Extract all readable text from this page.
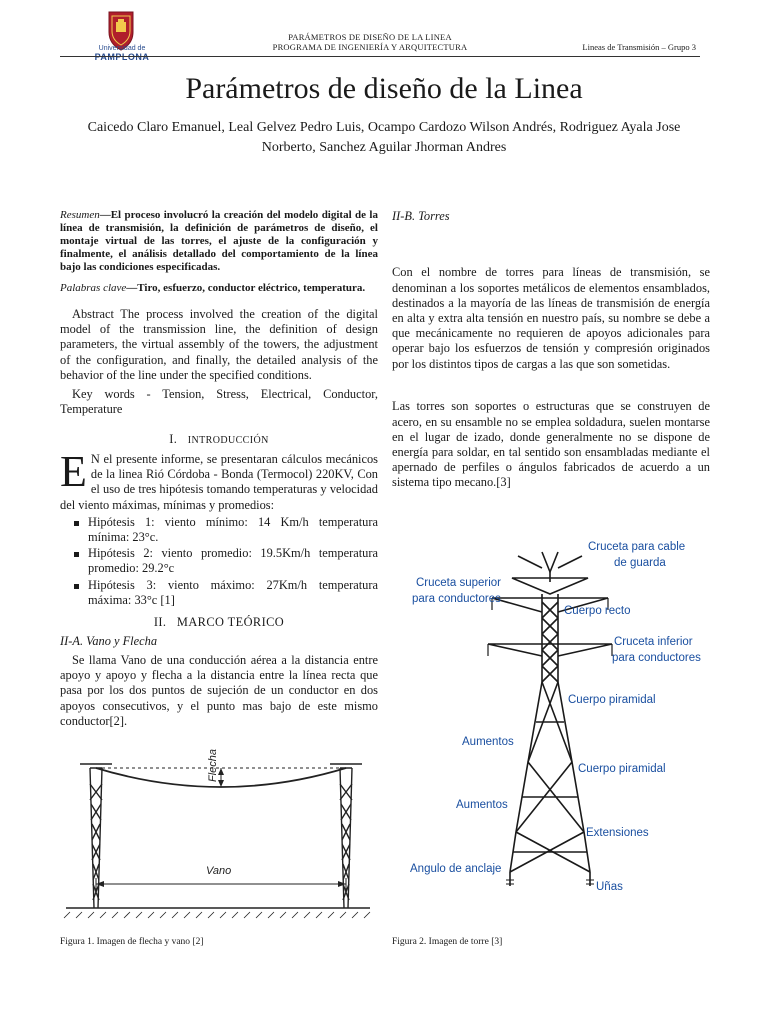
Universidad de
PAMPLONA
PARÁMETROS DE DISEÑO DE LA LINEA
PROGRAMA DE INGENIERÍA Y ARQUITECTURA	Lineas de Transmisión – Grupo 3
Parámetros de diseño de la Linea
Caicedo Claro Emanuel, Leal Gelvez Pedro Luis, Ocampo Cardozo Wilson Andrés, Rodriguez Ayala Jose Norberto, Sanchez Aguilar Jhorman Andres
Resumen—El proceso involucró la creación del modelo digital de la línea de transmisión, la definición de parámetros de diseño, el montaje virtual de las torres, el ajuste de la configuración y finalmente, el análisis detallado del comportamiento de la línea bajo las condiciones especificadas.
Palabras clave—Tiro, esfuerzo, conductor eléctrico, temperatura.

Abstract The process involved the creation of the digital model of the transmission line, the definition of design parameters, the virtual assembly of the towers, the adjustment of the configuration, and finally, the detailed analysis of the behavior of the line under the specified conditions.

Key words - Tension, Stress, Electrical, Conductor, Temperature

I. INTRODUCCIÓN
E N el presente informe, se presentaran cálculos mecánicos de la linea Rió Córdoba - Bonda (Termocol) 220KV, Con el uso de tres hipótesis tomando temperaturas y velocidad del viento máximas, mínimas y promedios:
Hipótesis 1: viento mínimo: 14 Km/h temperatura mínima: 23°c.
Hipótesis 2: viento promedio: 19.5Km/h temperatura promedio: 29.2°c
Hipótesis 3: viento máximo: 27Km/h temperatura máxima: 33°c [1]
II. MARCO TEÓRICO
II-A. Vano y Flecha

Se llama Vano de una conducción aérea a la distancia entre apoyo y apoyo y flecha a la distancia entre la línea recta que pasa por los dos puntos de sujeción de un conductor en dos apoyos consecutivos, y el punto mas bajo de este mismo conductor[2].

Flecha
Vano
Figura 1. Imagen de flecha y vano [2]
II-B. Torres

Con el nombre de torres para líneas de transmisión, se denominan a los soportes metálicos de elementos ensamblados, destinados a la mayoría de las líneas de transmisión de energía en alta y extra alta tensión en nuestro país, su nombre se debe a que mecánicamente no requieren de apoyos adicionales para operar bajo los esfuerzos de tensión y compresión originados por los distintos tipos de cargas a las que son sometidas.

Las torres son soportes o estructuras que se construyen de acero, en su ensamble no se emplea soldadura, suelen montarse en el lugar de izado, donde generalmente no se dispone de energía para soldar, en tal sentido son ensambladas mediante el apernado de perfiles o ángulos fabricados de acuerdo a un sistema tipo mecano.[3]

Cruceta para cable
de guarda
Cruceta superior
para conductores
Cuerpo recto
Cruceta inferior
para conductores
Cuerpo piramidal
Aumentos
Cuerpo piramidal
Aumentos
Extensiones
Angulo de anclaje
Uñas
Figura 2. Imagen de torre [3]
